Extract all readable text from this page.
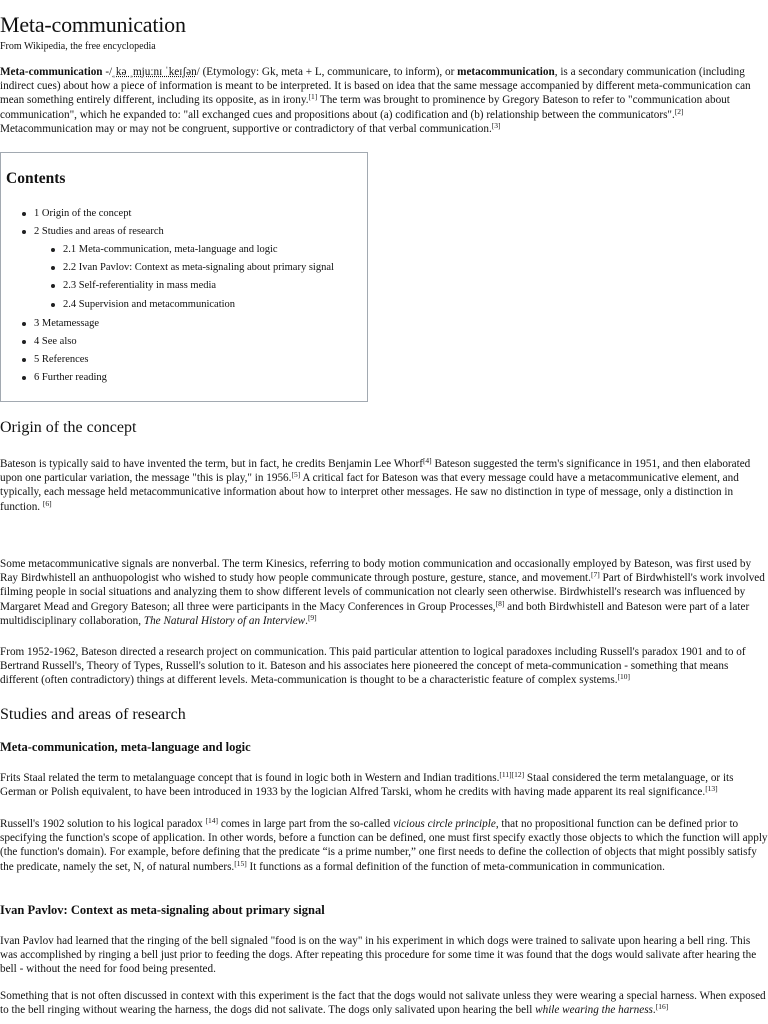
Meta-communication
From Wikipedia, the free encyclopedia

Meta-communication -/ˌkə ˌmjuːnɪ ˈkeɪʃən/ (Etymology: Gk, meta + L, communicare, to inform), or metacommunication, is a secondary communication (including indirect cues) about how a piece of information is meant to be interpreted. It is based on idea that the same message accompanied by different meta-communication can mean something entirely different, including its opposite, as in irony.[1] The term was brought to prominence by Gregory Bateson to refer to "communication about communication", which he expanded to: "all exchanged cues and propositions about (a) codification and (b) relationship between the communicators".[2] Metacommunication may or may not be congruent, supportive or contradictory of that verbal communication.[3]

Contents
1 Origin of the concept
2 Studies and areas of research
2.1 Meta-communication, meta-language and logic
2.2 Ivan Pavlov: Context as meta-signaling about primary signal
2.3 Self-referentiality in mass media
2.4 Supervision and metacommunication
3 Metamessage
4 See also
5 References
6 Further reading
Origin of the concept

Bateson is typically said to have invented the term, but in fact, he credits Benjamin Lee Whorf[4] Bateson suggested the term's significance in 1951, and then elaborated upon one particular variation, the message "this is play," in 1956.[5] A critical fact for Bateson was that every message could have a metacommunicative element, and typically, each message held metacommunicative information about how to interpret other messages. He saw no distinction in type of message, only a distinction in function. [6]

Some metacommunicative signals are nonverbal. The term Kinesics, referring to body motion communication and occasionally employed by Bateson, was first used by Ray Birdwhistell an anthuopologist who wished to study how people communicate through posture, gesture, stance, and movement.[7] Part of Birdwhistell's work involved filming people in social situations and analyzing them to show different levels of communication not clearly seen otherwise. Birdwhistell's research was influenced by Margaret Mead and Gregory Bateson; all three were participants in the Macy Conferences in Group Processes,[8] and both Birdwhistell and Bateson were part of a later multidisciplinary collaboration, The Natural History of an Interview.[9]

From 1952-1962, Bateson directed a research project on communication. This paid particular attention to logical paradoxes including Russell's paradox 1901 and to of Bertrand Russell's, Theory of Types, Russell's solution to it. Bateson and his associates here pioneered the concept of meta-communication - something that means different (often contradictory) things at different levels. Meta-communication is thought to be a characteristic feature of complex systems.[10]

Studies and areas of research
Meta-communication, meta-language and logic

Frits Staal related the term to metalanguage concept that is found in logic both in Western and Indian traditions.[11][12] Staal considered the term metalanguage, or its German or Polish equivalent, to have been introduced in 1933 by the logician Alfred Tarski, whom he credits with having made apparent its real significance.[13]

Russell's 1902 solution to his logical paradox [14] comes in large part from the so-called vicious circle principle, that no propositional function can be defined prior to specifying the function's scope of application. In other words, before a function can be defined, one must first specify exactly those objects to which the function will apply (the function's domain). For example, before defining that the predicate “is a prime number,” one first needs to define the collection of objects that might possibly satisfy the predicate, namely the set, N, of natural numbers.[15] It functions as a formal definition of the function of meta-communication in communication.

Ivan Pavlov: Context as meta-signaling about primary signal

Ivan Pavlov had learned that the ringing of the bell signaled "food is on the way" in his experiment in which dogs were trained to salivate upon hearing a bell ring. This was accomplished by ringing a bell just prior to feeding the dogs. After repeating this procedure for some time it was found that the dogs would salivate after hearing the bell - without the need for food being presented.

Something that is not often discussed in context with this experiment is the fact that the dogs would not salivate unless they were wearing a special harness. When exposed to the bell ringing without wearing the harness, the dogs did not salivate. The dogs only salivated upon hearing the bell while wearing the harness.[16]
